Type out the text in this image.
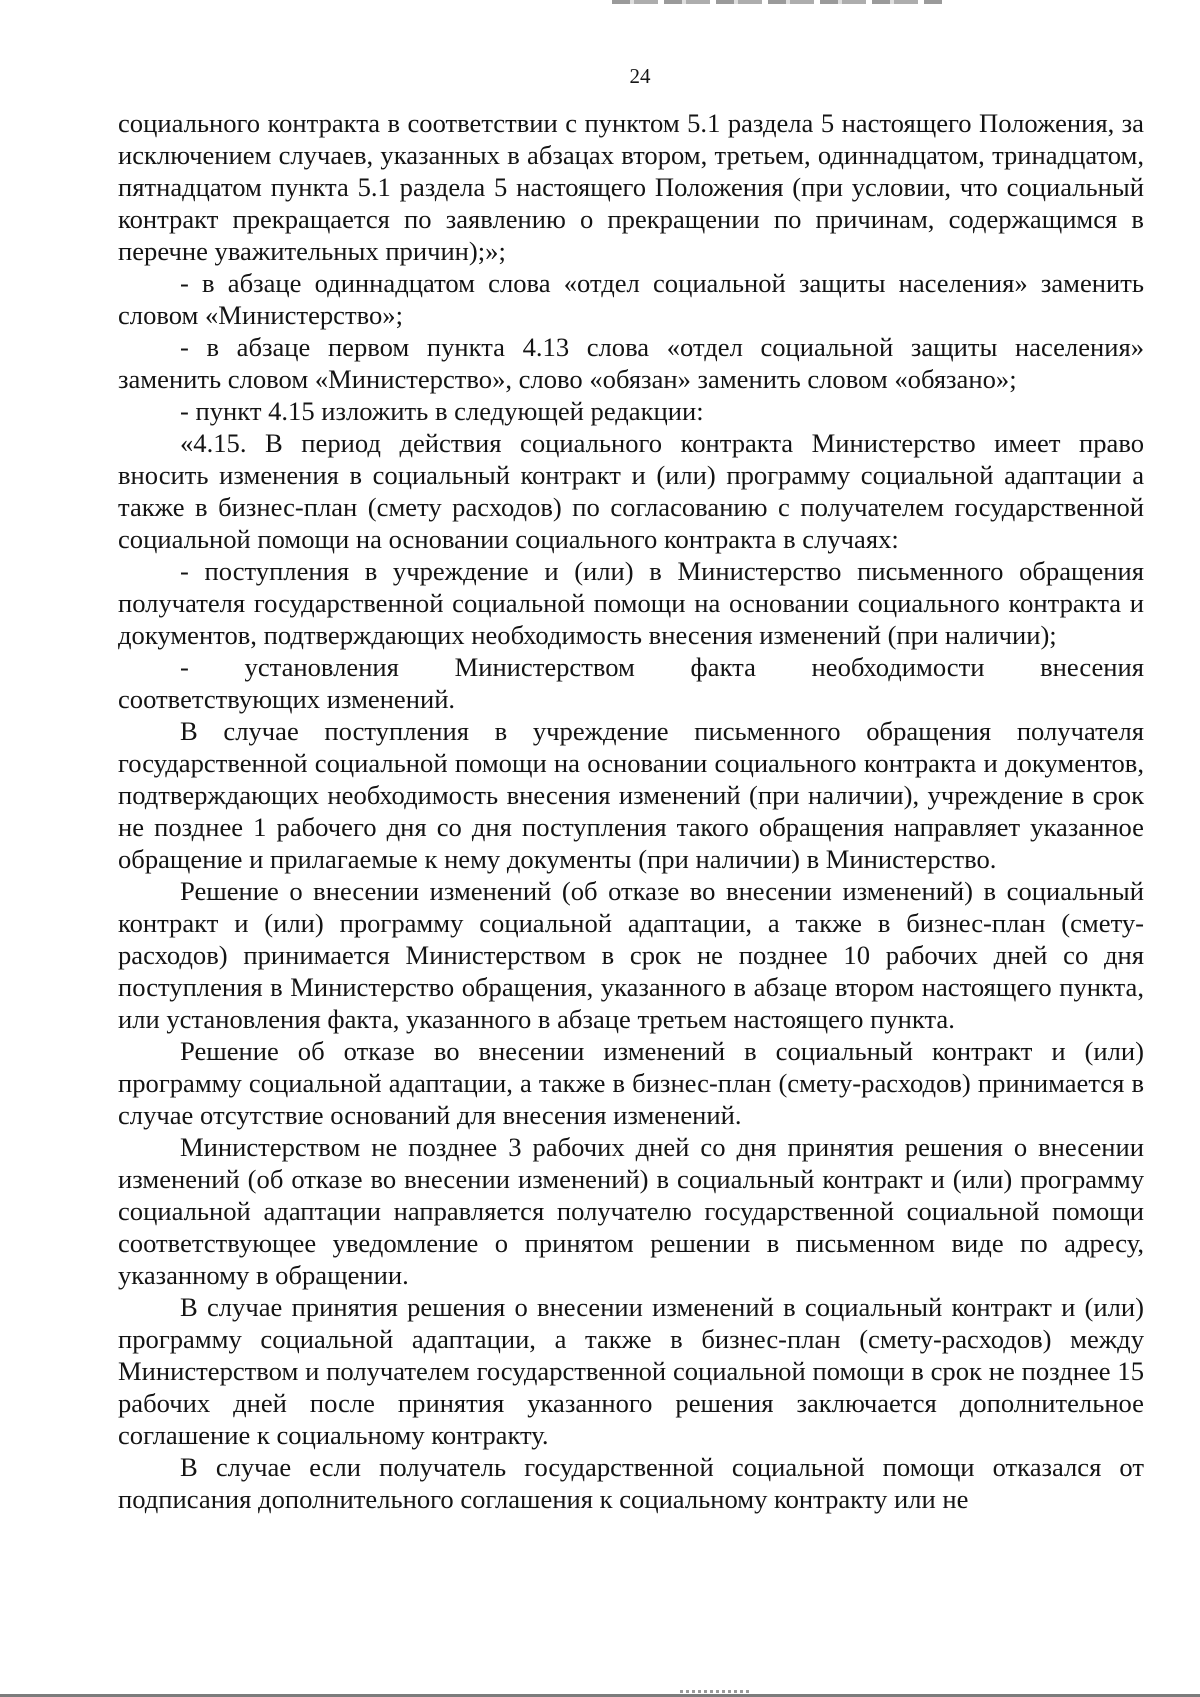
24

социального контракта в соответствии с пунктом 5.1 раздела 5 настоящего Положения, за исключением случаев, указанных в абзацах втором, третьем, одиннадцатом, тринадцатом, пятнадцатом пункта 5.1 раздела 5 настоящего Положения (при условии, что социальный контракт прекращается по заявлению о прекращении по причинам, содержащимся в перечне уважительных причин);»;

- в абзаце одиннадцатом слова «отдел социальной защиты населения» заменить словом «Министерство»;

- в абзаце первом пункта 4.13 слова «отдел социальной защиты населения» заменить словом «Министерство», слово «обязан» заменить словом «обязано»;

- пункт 4.15 изложить в следующей редакции:

«4.15. В период действия социального контракта Министерство имеет право вносить изменения в социальный контракт и (или) программу социальной адаптации а также в бизнес-план (смету расходов) по согласованию с получателем государственной социальной помощи на основании социального контракта в случаях:

- поступления в учреждение и (или) в Министерство письменного обращения получателя государственной социальной помощи на основании социального контракта и документов, подтверждающих необходимость внесения изменений (при наличии);

- установления Министерством факта необходимости внесения

соответствующих изменений.

В случае поступления в учреждение письменного обращения получателя государственной социальной помощи на основании социального контракта и документов, подтверждающих необходимость внесения изменений (при наличии), учреждение в срок не позднее 1 рабочего дня со дня поступления такого обращения направляет указанное обращение и прилагаемые к нему документы (при наличии) в Министерство.

Решение о внесении изменений (об отказе во внесении изменений) в социальный контракт и (или) программу социальной адаптации, а также в бизнес-план (смету-расходов) принимается Министерством в срок не позднее 10 рабочих дней со дня поступления в Министерство обращения, указанного в абзаце втором настоящего пункта, или установления факта, указанного в абзаце третьем настоящего пункта.

Решение об отказе во внесении изменений в социальный контракт и (или) программу социальной адаптации, а также в бизнес-план (смету-расходов) принимается в случае отсутствие оснований для внесения изменений.

Министерством не позднее 3 рабочих дней со дня принятия решения о внесении изменений (об отказе во внесении изменений) в социальный контракт и (или) программу социальной адаптации направляется получателю государственной социальной помощи соответствующее уведомление о принятом решении в письменном виде по адресу, указанному в обращении.

В случае принятия решения о внесении изменений в социальный контракт и (или) программу социальной адаптации, а также в бизнес-план (смету-расходов) между Министерством и получателем государственной социальной помощи в срок не позднее 15 рабочих дней после принятия указанного решения заключается дополнительное соглашение к социальному контракту.

В случае если получатель государственной социальной помощи отказался от подписания дополнительного соглашения к социальному контракту или не
